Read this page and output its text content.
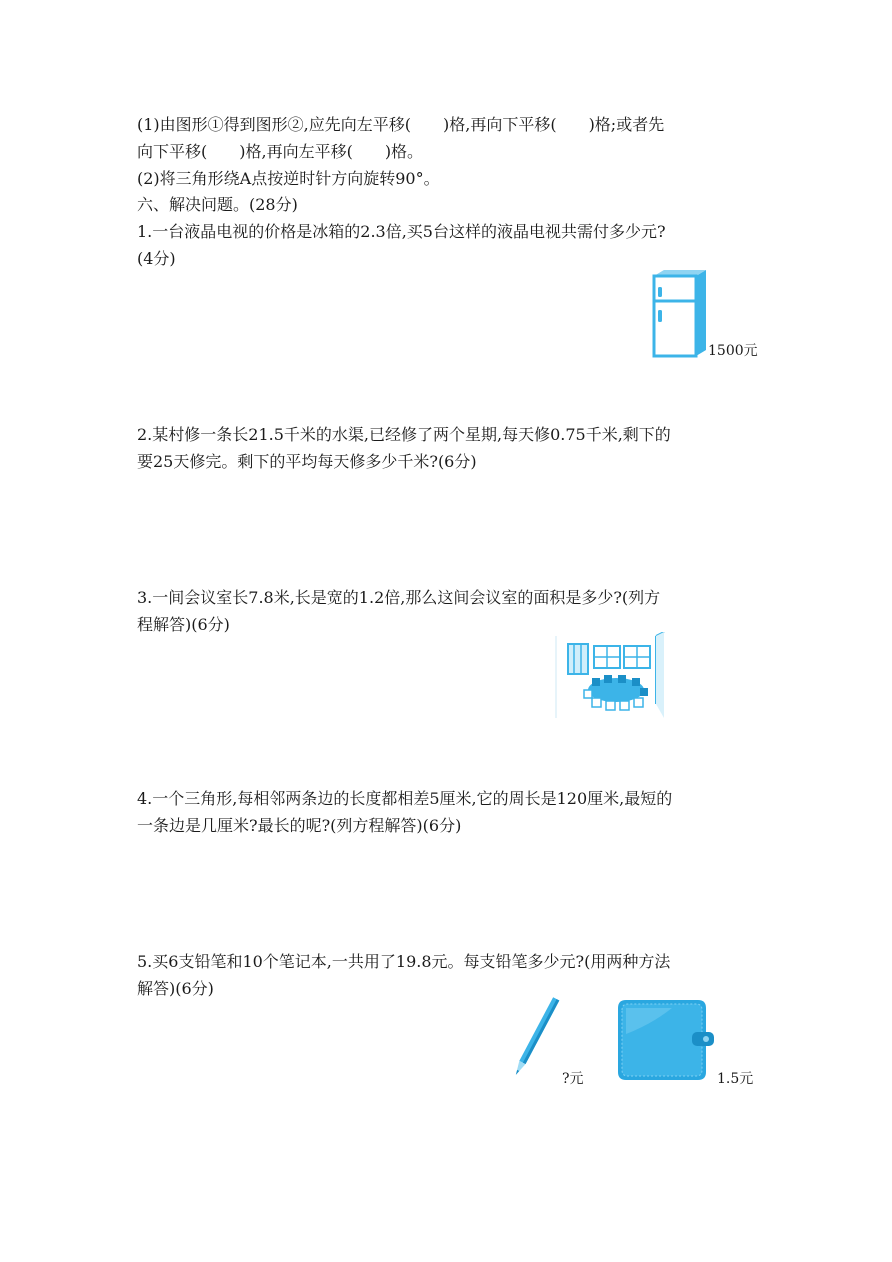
(1)由图形①得到图形②,应先向左平移(　　)格,再向下平移(　　)格;或者先
向下平移(　　)格,再向左平移(　　)格。
(2)将三角形绕A点按逆时针方向旋转90°。
六、解决问题。(28分)
1.一台液晶电视的价格是冰箱的2.3倍,买5台这样的液晶电视共需付多少元?
(4分)
1500元
2.某村修一条长21.5千米的水渠,已经修了两个星期,每天修0.75千米,剩下的
要25天修完。剩下的平均每天修多少千米?(6分)
3.一间会议室长7.8米,长是宽的1.2倍,那么这间会议室的面积是多少?(列方
程解答)(6分)
4.一个三角形,每相邻两条边的长度都相差5厘米,它的周长是120厘米,最短的
一条边是几厘米?最长的呢?(列方程解答)(6分)
5.买6支铅笔和10个笔记本,一共用了19.8元。每支铅笔多少元?(用两种方法
解答)(6分)
?元	1.5元
